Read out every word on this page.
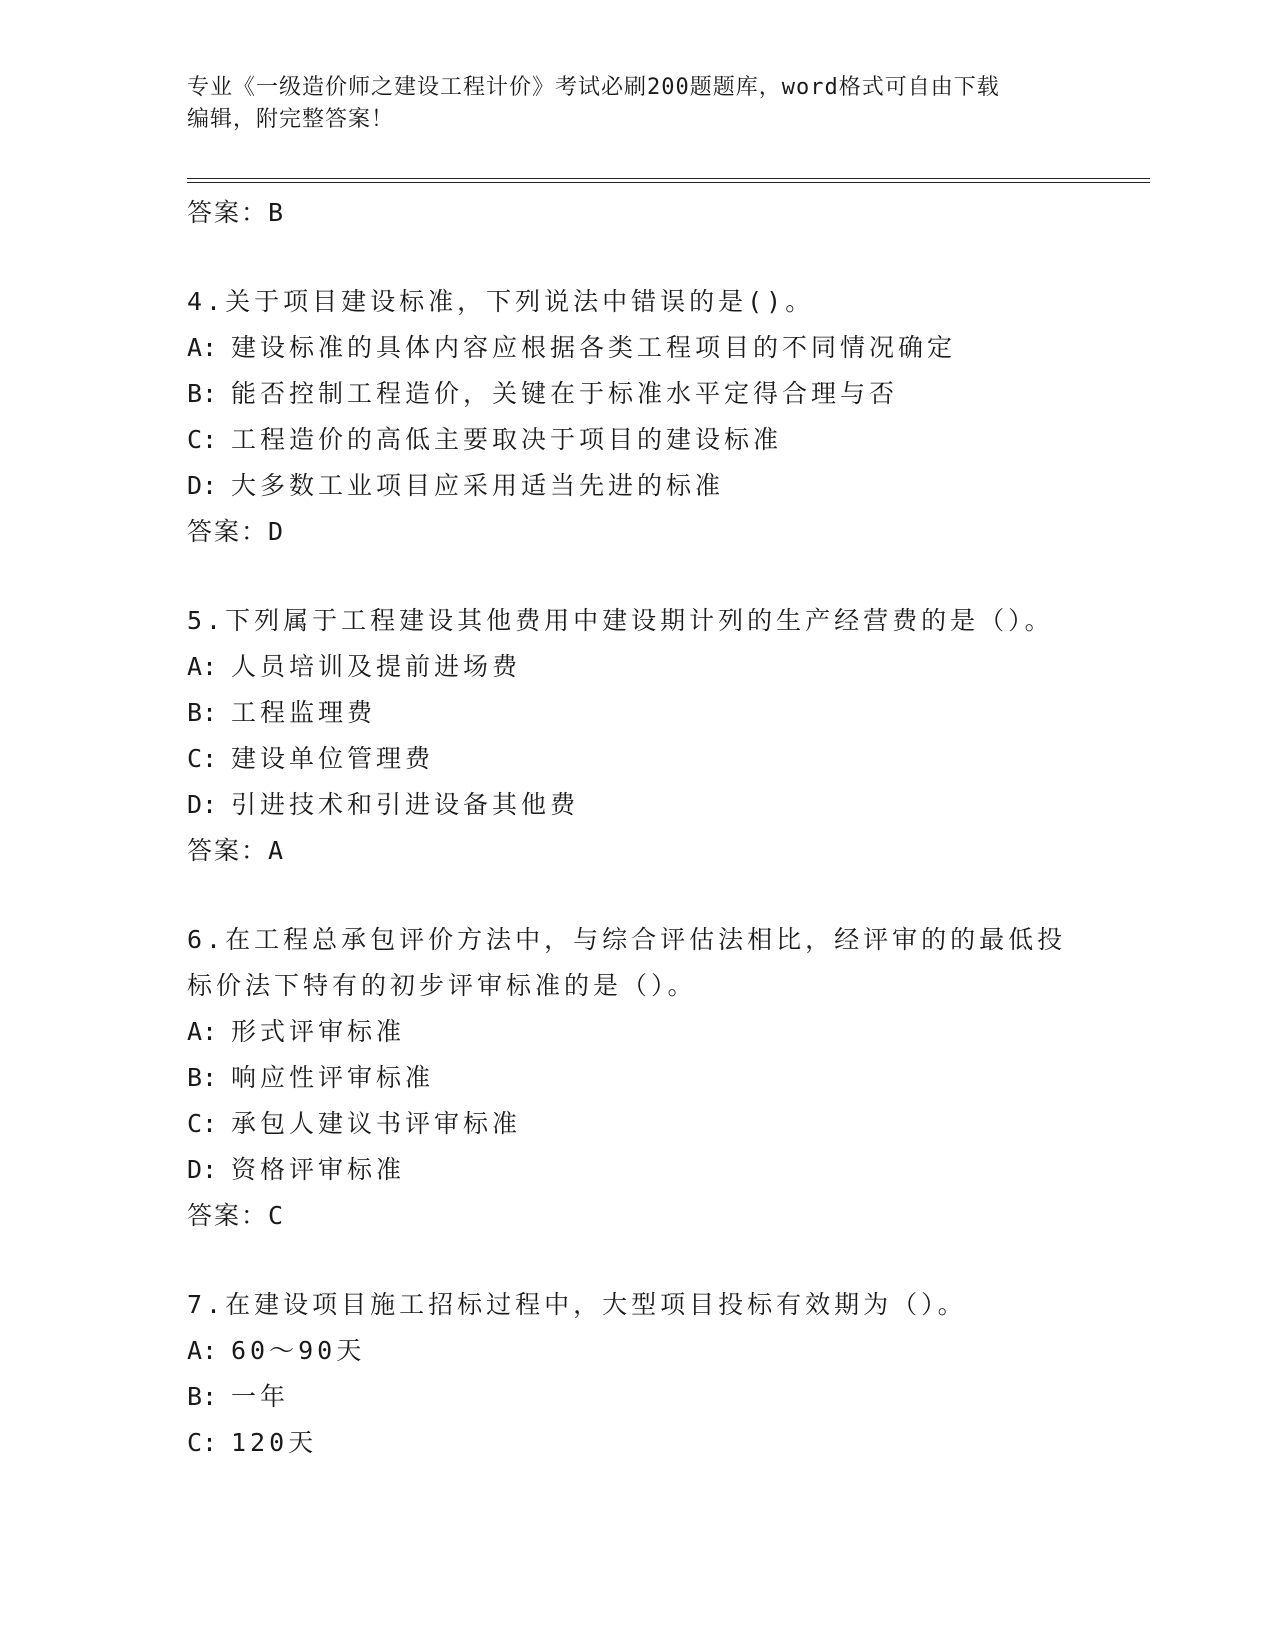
专业《一级造价师之建设工程计价》考试必刷200题题库，word格式可自由下载
编辑，附完整答案！
答案：B
4.关于项目建设标准，下列说法中错误的是()。
A: 建设标准的具体内容应根据各类工程项目的不同情况确定
B: 能否控制工程造价，关键在于标准水平定得合理与否
C: 工程造价的高低主要取决于项目的建设标准
D: 大多数工业项目应采用适当先进的标准
答案：D
5.下列属于工程建设其他费用中建设期计列的生产经营费的是（）。
A: 人员培训及提前进场费
B: 工程监理费
C: 建设单位管理费
D: 引进技术和引进设备其他费
答案：A
6.在工程总承包评价方法中，与综合评估法相比，经评审的的最低投
标价法下特有的初步评审标准的是（）。
A: 形式评审标准
B: 响应性评审标准
C: 承包人建议书评审标准
D: 资格评审标准
答案：C
7.在建设项目施工招标过程中，大型项目投标有效期为（）。
A: 60～90天
B: 一年
C: 120天
